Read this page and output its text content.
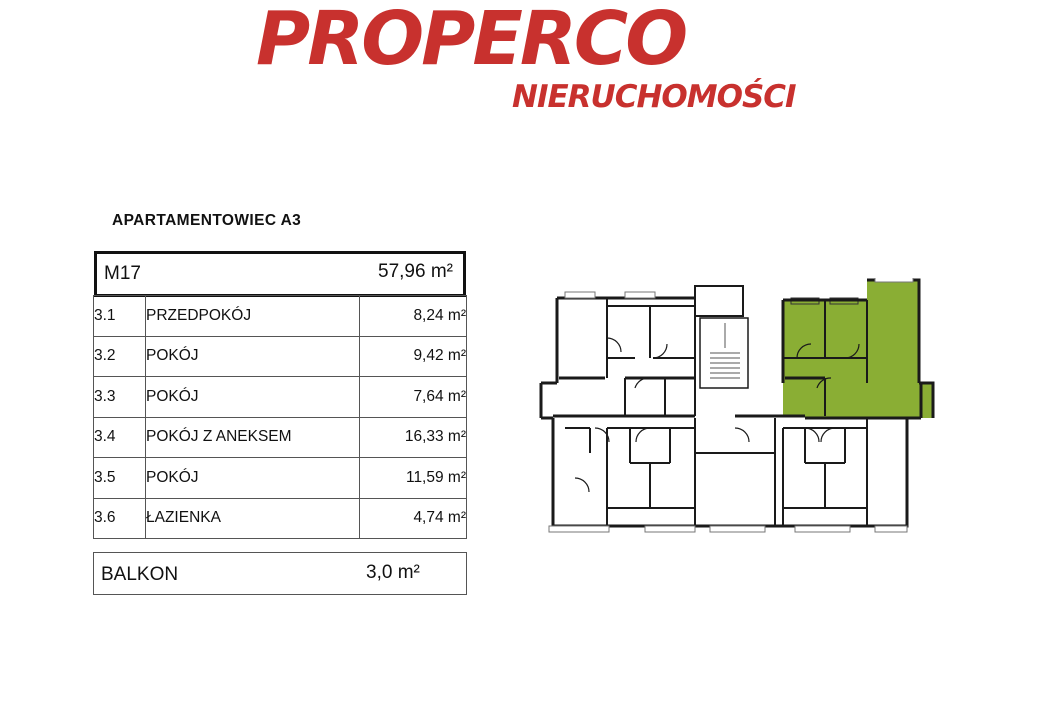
PROPERCO
NIERUCHOMOŚCI
APARTAMENTOWIEC A3
M17	57,96 m²
3.1	PRZEDPOKÓJ	8,24 m²
3.2	POKÓJ	9,42 m²
3.3	POKÓJ	7,64 m²
3.4	POKÓJ Z ANEKSEM	16,33 m²
3.5	POKÓJ	11,59 m²
3.6	ŁAZIENKA	4,74 m²
BALKON	3,0 m²
